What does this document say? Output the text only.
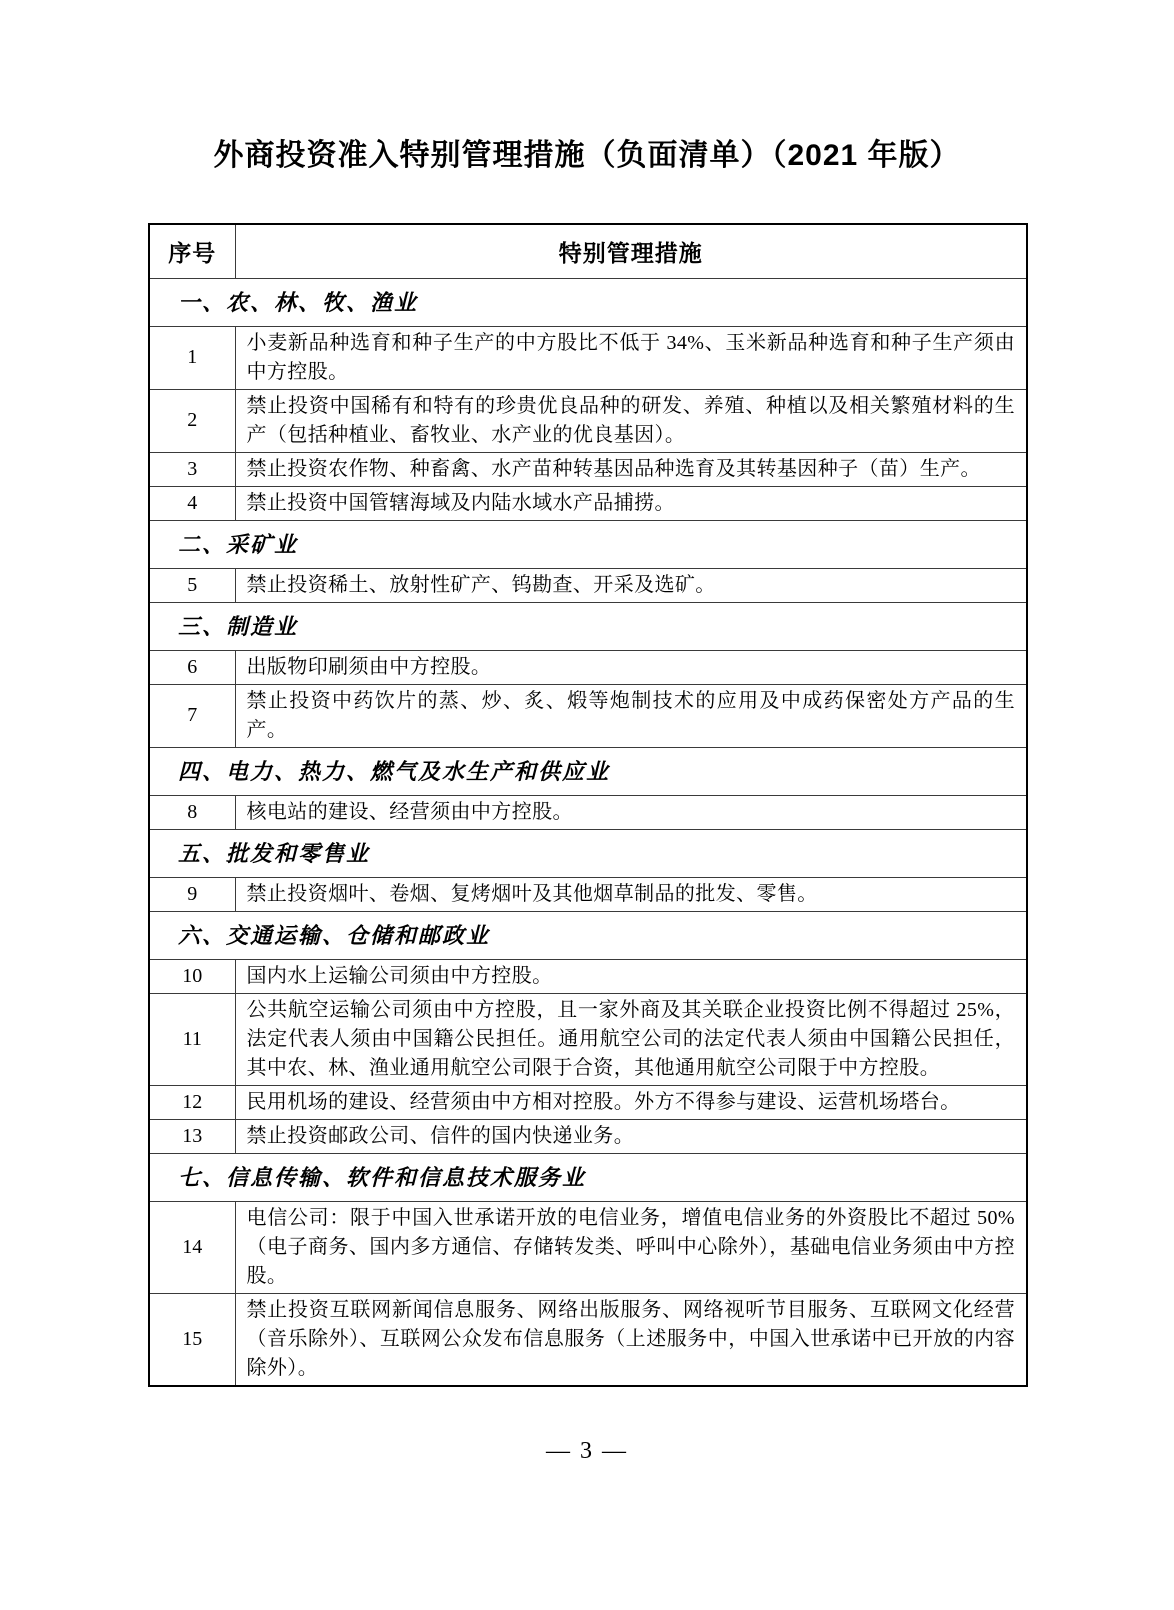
外商投资准入特别管理措施（负面清单）（2021 年版）
序号	特别管理措施
一、农、林、牧、渔业	
1	小麦新品种选育和种子生产的中方股比不低于 34%、玉米新品种选育和种子生产须由中方控股。
2	禁止投资中国稀有和特有的珍贵优良品种的研发、养殖、种植以及相关繁殖材料的生产（包括种植业、畜牧业、水产业的优良基因）。
3	禁止投资农作物、种畜禽、水产苗种转基因品种选育及其转基因种子（苗）生产。
4	禁止投资中国管辖海域及内陆水域水产品捕捞。
二、采矿业	
5	禁止投资稀土、放射性矿产、钨勘查、开采及选矿。
三、制造业	
6	出版物印刷须由中方控股。
7	禁止投资中药饮片的蒸、炒、炙、煅等炮制技术的应用及中成药保密处方产品的生产。
四、电力、热力、燃气及水生产和供应业	
8	核电站的建设、经营须由中方控股。
五、批发和零售业	
9	禁止投资烟叶、卷烟、复烤烟叶及其他烟草制品的批发、零售。
六、交通运输、仓储和邮政业	
10	国内水上运输公司须由中方控股。
11	公共航空运输公司须由中方控股，且一家外商及其关联企业投资比例不得超过 25%，法定代表人须由中国籍公民担任。通用航空公司的法定代表人须由中国籍公民担任，其中农、林、渔业通用航空公司限于合资，其他通用航空公司限于中方控股。
12	民用机场的建设、经营须由中方相对控股。外方不得参与建设、运营机场塔台。
13	禁止投资邮政公司、信件的国内快递业务。
七、信息传输、软件和信息技术服务业	
14	电信公司：限于中国入世承诺开放的电信业务，增值电信业务的外资股比不超过 50%（电子商务、国内多方通信、存储转发类、呼叫中心除外），基础电信业务须由中方控股。
15	禁止投资互联网新闻信息服务、网络出版服务、网络视听节目服务、互联网文化经营（音乐除外）、互联网公众发布信息服务（上述服务中，中国入世承诺中已开放的内容除外）。
— 3 —
